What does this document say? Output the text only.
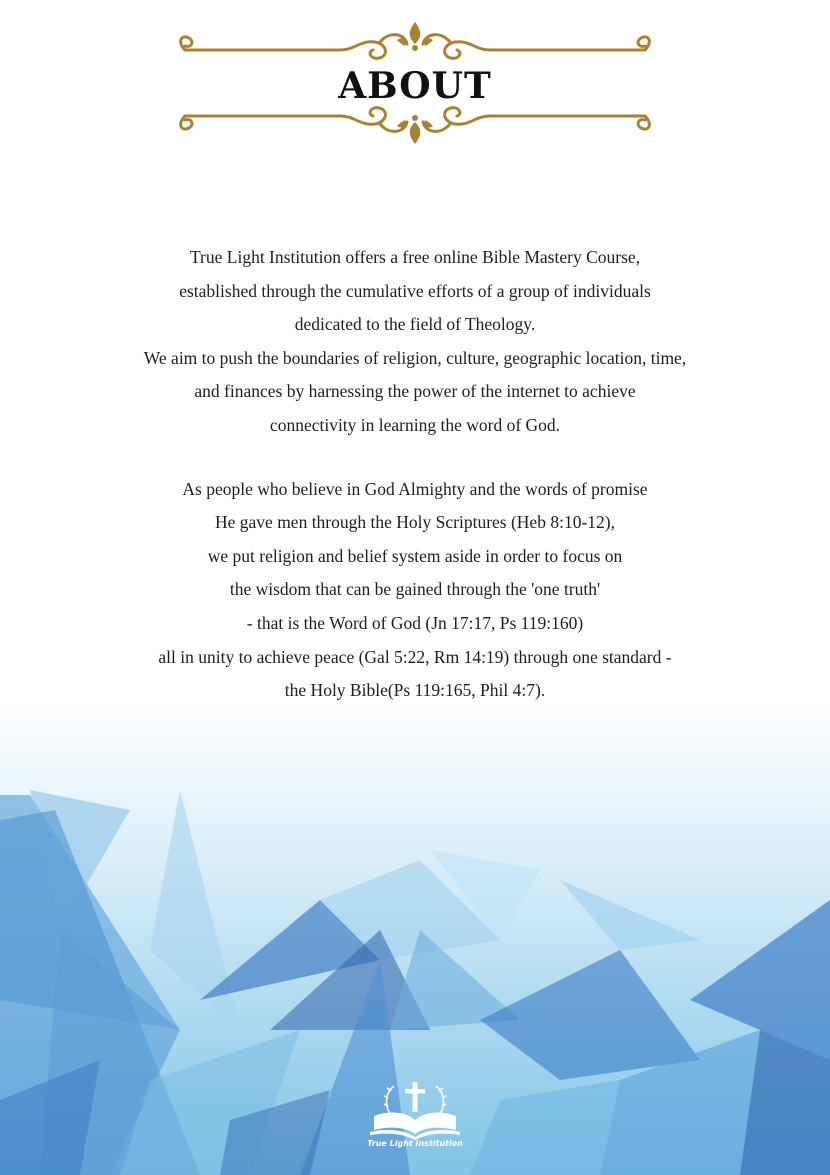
ABOUT
True Light Institution offers a free online Bible Mastery Course,
established through the cumulative efforts of a group of individuals
dedicated to the field of Theology.
We aim to push the boundaries of religion, culture, geographic location, time,
and finances by harnessing the power of the internet to achieve
connectivity in learning the word of God.
As people who believe in God Almighty and the words of promise
He gave men through the Holy Scriptures (Heb 8:10-12),
we put religion and belief system aside in order to focus on
the wisdom that can be gained through the 'one truth'
- that is the Word of God (Jn 17:17, Ps 119:160)
all in unity to achieve peace (Gal 5:22, Rm 14:19) through one standard -
the Holy Bible(Ps 119:165, Phil 4:7).
True Light Institution
